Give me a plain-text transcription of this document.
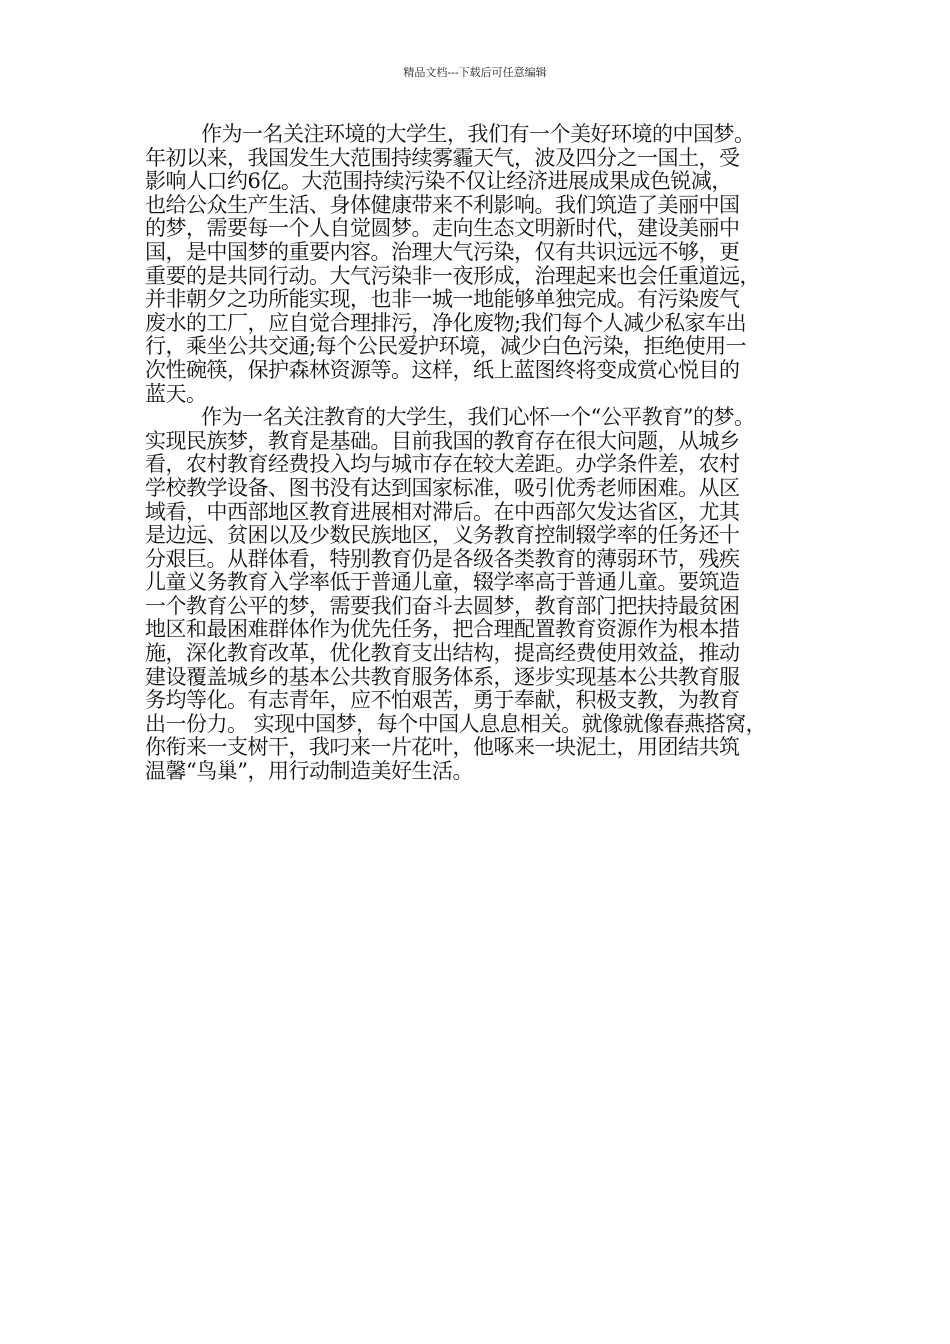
精品文档---下载后可任意编辑
作为一名关注环境的大学生，我们有一个美好环境的中国梦。
年初以来，我国发生大范围持续雾霾天气，波及四分之一国土，受
影响人口约6亿。大范围持续污染不仅让经济进展成果成色锐减，
也给公众生产生活、身体健康带来不利影响。我们筑造了美丽中国
的梦，需要每一个人自觉圆梦。走向生态文明新时代，建设美丽中
国，是中国梦的重要内容。治理大气污染，仅有共识远远不够，更
重要的是共同行动。大气污染非一夜形成，治理起来也会任重道远，
并非朝夕之功所能实现，也非一城一地能够单独完成。有污染废气
废水的工厂，应自觉合理排污，净化废物;我们每个人减少私家车出
行，乘坐公共交通;每个公民爱护环境，减少白色污染，拒绝使用一
次性碗筷，保护森林资源等。这样，纸上蓝图终将变成赏心悦目的
蓝天。
作为一名关注教育的大学生，我们心怀一个“公平教育”的梦。
实现民族梦，教育是基础。目前我国的教育存在很大问题，从城乡
看，农村教育经费投入均与城市存在较大差距。办学条件差，农村
学校教学设备、图书没有达到国家标准，吸引优秀老师困难。从区
域看，中西部地区教育进展相对滞后。在中西部欠发达省区，尤其
是边远、贫困以及少数民族地区，义务教育控制辍学率的任务还十
分艰巨。从群体看，特别教育仍是各级各类教育的薄弱环节，残疾
儿童义务教育入学率低于普通儿童，辍学率高于普通儿童。要筑造
一个教育公平的梦，需要我们奋斗去圆梦，教育部门把扶持最贫困
地区和最困难群体作为优先任务，把合理配置教育资源作为根本措
施，深化教育改革，优化教育支出结构，提高经费使用效益，推动
建设覆盖城乡的基本公共教育服务体系，逐步实现基本公共教育服
务均等化。有志青年，应不怕艰苦，勇于奉献，积极支教，为教育
出一份力。 实现中国梦，每个中国人息息相关。就像就像春燕搭窝，
你衔来一支树干，我叼来一片花叶，他啄来一块泥土，用团结共筑
温馨“鸟巢”，用行动制造美好生活。
